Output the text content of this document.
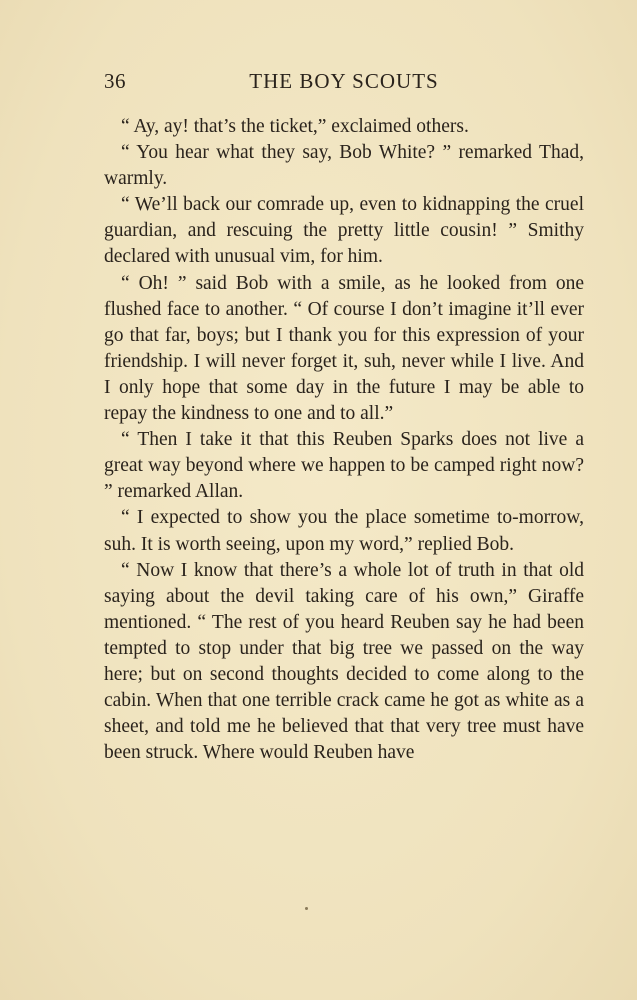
36	THE BOY SCOUTS

“ Ay, ay! that’s the ticket,” exclaimed others.

“ You hear what they say, Bob White? ” remarked Thad, warmly.

“ We’ll back our comrade up, even to kidnapping the cruel guardian, and rescuing the pretty little cousin! ” Smithy declared with unusual vim, for him.

“ Oh! ” said Bob with a smile, as he looked from one flushed face to another. “ Of course I don’t imagine it’ll ever go that far, boys; but I thank you for this expression of your friendship. I will never forget it, suh, never while I live. And I only hope that some day in the future I may be able to repay the kindness to one and to all.”

“ Then I take it that this Reuben Sparks does not live a great way beyond where we happen to be camped right now? ” remarked Allan.

“ I expected to show you the place sometime to-morrow, suh. It is worth seeing, upon my word,” replied Bob.

“ Now I know that there’s a whole lot of truth in that old saying about the devil taking care of his own,” Giraffe mentioned. “ The rest of you heard Reuben say he had been tempted to stop under that big tree we passed on the way here; but on second thoughts decided to come along to the cabin. When that one terrible crack came he got as white as a sheet, and told me he believed that that very tree must have been struck. Where would Reuben have
